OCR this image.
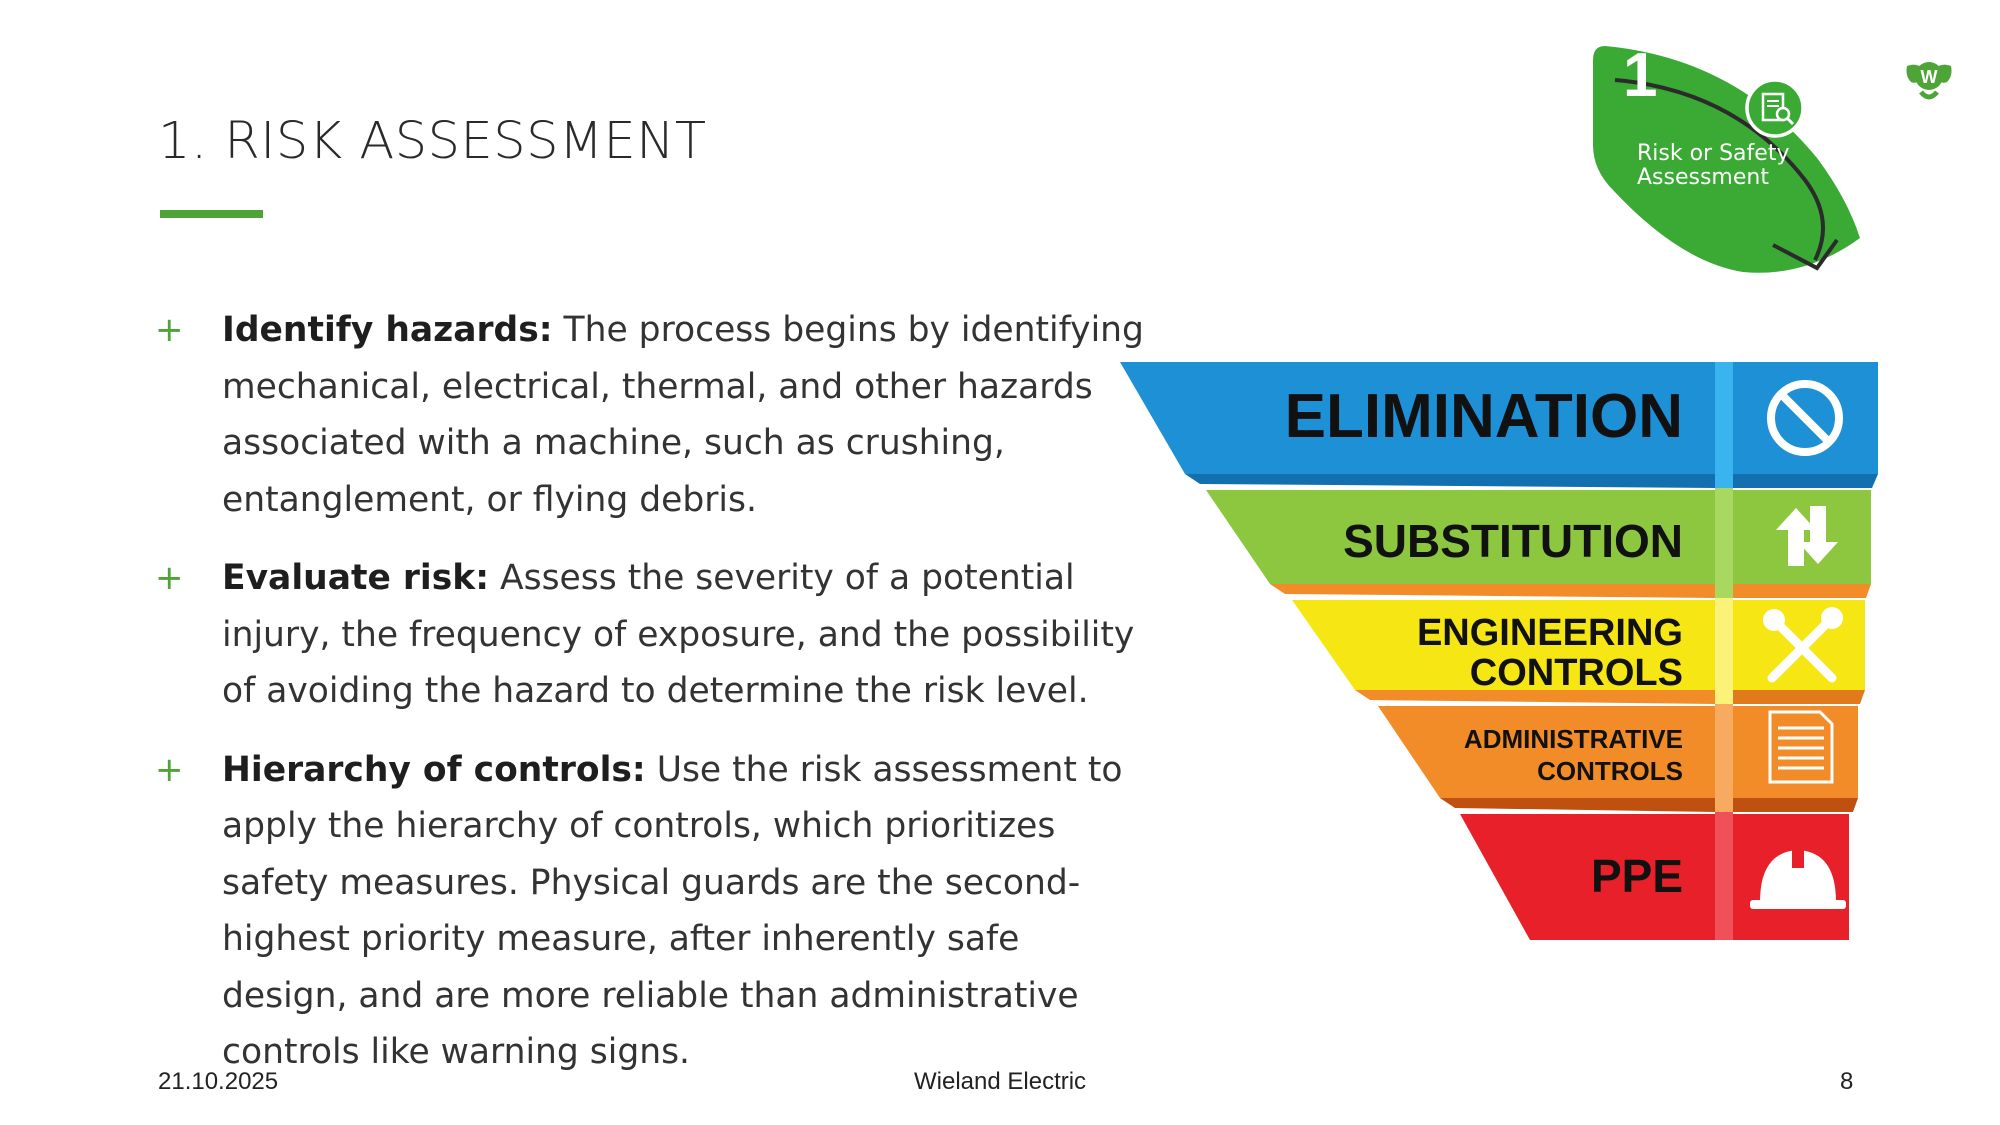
1. RISK ASSESSMENT
+ Identify hazards: The process begins by identifying mechanical, electrical, thermal, and other hazards associated with a machine, such as crushing, entanglement, or flying debris.
+ Evaluate risk: Assess the severity of a potential injury, the frequency of exposure, and the possibility of avoiding the hazard to determine the risk level.
+ Hierarchy of controls: Use the risk assessment to apply the hierarchy of controls, which prioritizes safety measures. Physical guards are the second-highest priority measure, after inherently safe design, and are more reliable than administrative controls like warning signs.
1
Risk or Safety
Assessment
W
ELIMINATION
SUBSTITUTION
ENGINEERING
CONTROLS
ADMINISTRATIVE
CONTROLS
PPE
21.10.2025	Wieland Electric	8
